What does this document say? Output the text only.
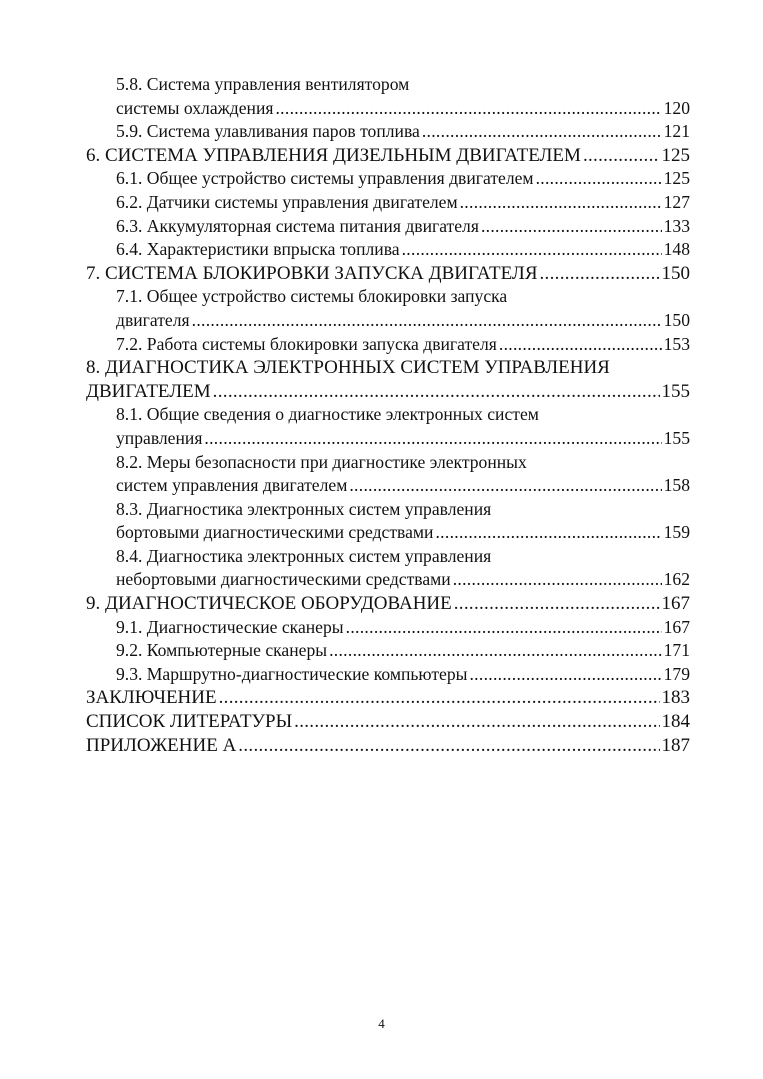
5.8. Система управления вентилятором
системы охлаждения .....	120
5.9. Система улавливания паров топлива .....	121
6. СИСТЕМА УПРАВЛЕНИЯ ДИЗЕЛЬНЫМ ДВИГАТЕЛЕМ .....	125
6.1. Общее устройство системы управления двигателем .....	125
6.2. Датчики системы управления двигателем .....	127
6.3. Аккумуляторная система питания двигателя .....	133
6.4. Характеристики впрыска топлива .....	148
7. СИСТЕМА БЛОКИРОВКИ ЗАПУСКА ДВИГАТЕЛЯ .....	150
7.1. Общее устройство системы блокировки запуска
двигателя .....	150
7.2. Работа системы блокировки запуска двигателя .....	153
8. ДИАГНОСТИКА ЭЛЕКТРОННЫХ СИСТЕМ УПРАВЛЕНИЯ
ДВИГАТЕЛЕМ .....	155
8.1. Общие сведения о диагностике электронных систем
управления .....	155
8.2. Меры безопасности при диагностике электронных
систем управления двигателем .....	158
8.3. Диагностика электронных систем управления
бортовыми диагностическими средствами .....	159
8.4. Диагностика электронных систем управления
небортовыми диагностическими средствами .....	162
9. ДИАГНОСТИЧЕСКОЕ ОБОРУДОВАНИЕ .....	167
9.1. Диагностические сканеры .....	167
9.2. Компьютерные сканеры .....	171
9.3. Маршрутно-диагностические компьютеры .....	179
ЗАКЛЮЧЕНИЕ .....	183
СПИСОК ЛИТЕРАТУРЫ .....	184
ПРИЛОЖЕНИЕ А .....	187
4
